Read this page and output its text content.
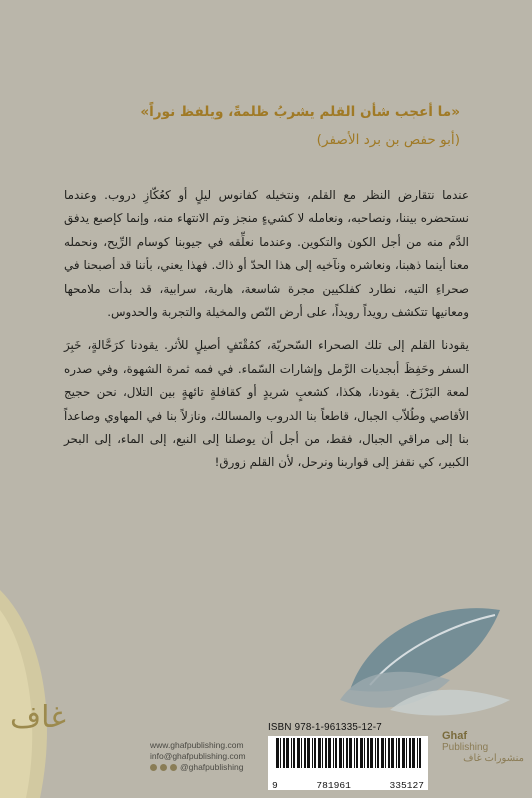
غاف
«ما أعجب شأن القلم يشربُ ظلمةً، ويلفظ نوراً»
(أبو حفص بن برد الأصفر)

عندما نتقارض النظر مع القلم، ونتخيله كفانوس ليلٍ أو كعُكّازِ دروب. وعندما نستحضره بيننا، ونصاحبه، ونعامله لا كشيءٍ منجز وتم الانتهاء منه، وإنما كإصبع يدفق الدَّم منه من أجل الكون والتكوين. وعندما نعلِّقه في جيوبنا كوسام الرِّيح، ونحمله معنا أينما ذهبنا، ونعاشره ونآخيه إلى هذا الحدّ أو ذاك. فهذا يعني، بأننا قد أصبحنا في صحراءِ التيه، نطارد كفلكيين مجرة شاسعة، هاربة، سرابية، قد بدأت ملامحها ومعانيها تتكشف رويداً رويداً، على أرض النّص والمخيلة والتجربة والحدوس.

يقودنا القلم إلى تلك الصحراء السّحريّة، كمُقْتَفٍ أصيلٍ للأثر. يقودنا كرَحَّالةٍ، خَبِرَ السفر وحَفِظَ أبجديات الرَّمل وإشارات السّماء. في فمه ثمرة الشهوة، وفي صدره لمعة البَرْزَخ. يقودنا، هكذا، كشعبٍ شريدٍ أو كقافلةٍ تائهةٍ بين التلال، نحن حجيج الأقاصي وطُلاّب الجبال، قاطعاً بنا الدروب والمسالك، ونازلاً بنا في المهاوي وصاعداً بنا إلى مراقي الجبال، فقط، من أجل أن يوصلنا إلى النبع، إلى الماء، إلى البحر الكبير، كي نقفز إلى قواربنا ونرحل، لأن القلم زورق!

www.ghafpublishing.com
info@ghafpublishing.com
@ghafpublishing
ISBN 978-1-961335-12-7
9	781961	335127
Ghaf
Publishing
منشورات غاف
